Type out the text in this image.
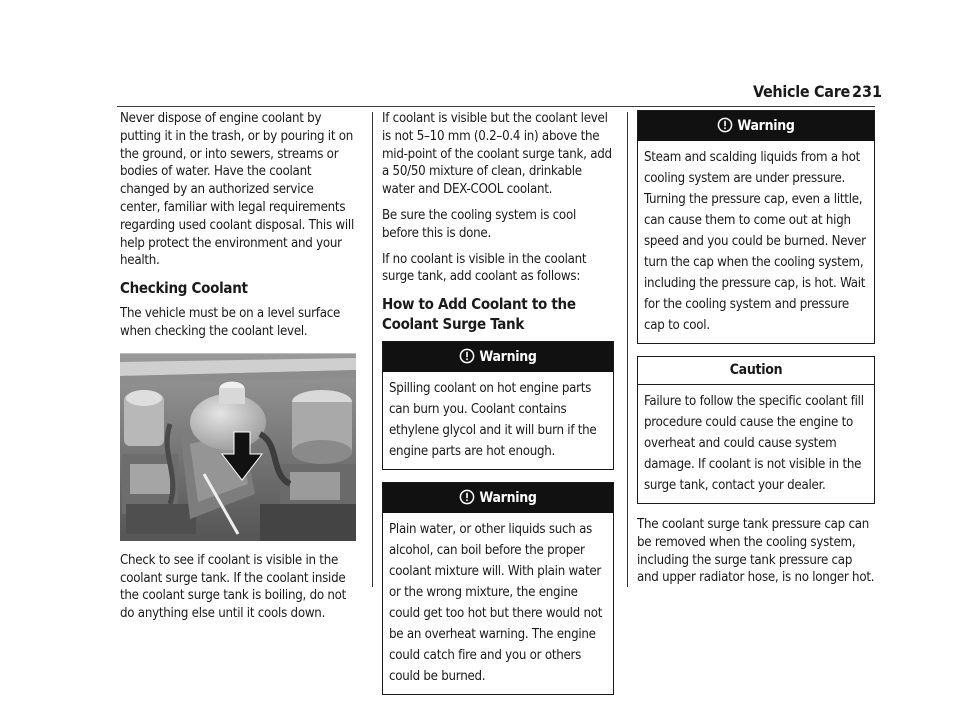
Vehicle Care 231

Never dispose of engine coolant by putting it in the trash, or by pouring it on the ground, or into sewers, streams or bodies of water. Have the coolant changed by an authorized service center, familiar with legal requirements regarding used coolant disposal. This will help protect the environment and your health.

Checking Coolant

The vehicle must be on a level surface when checking the coolant level.

Check to see if coolant is visible in the coolant surge tank. If the coolant inside the coolant surge tank is boiling, do not do anything else until it cools down.

If coolant is visible but the coolant level is not 5–10 mm (0.2–0.4 in) above the mid-point of the coolant surge tank, add a 50/50 mixture of clean, drinkable water and DEX-COOL coolant.

Be sure the cooling system is cool before this is done.

If no coolant is visible in the coolant surge tank, add coolant as follows:

How to Add Coolant to the Coolant Surge Tank
Warning
Spilling coolant on hot engine parts can burn you. Coolant contains ethylene glycol and it will burn if the engine parts are hot enough.
Warning
Plain water, or other liquids such as alcohol, can boil before the proper coolant mixture will. With plain water or the wrong mixture, the engine could get too hot but there would not be an overheat warning. The engine could catch fire and you or others could be burned.
Warning
Steam and scalding liquids from a hot cooling system are under pressure. Turning the pressure cap, even a little, can cause them to come out at high speed and you could be burned. Never turn the cap when the cooling system, including the pressure cap, is hot. Wait for the cooling system and pressure cap to cool.
Caution
Failure to follow the specific coolant fill procedure could cause the engine to overheat and could cause system damage. If coolant is not visible in the surge tank, contact your dealer.

The coolant surge tank pressure cap can be removed when the cooling system, including the surge tank pressure cap and upper radiator hose, is no longer hot.
